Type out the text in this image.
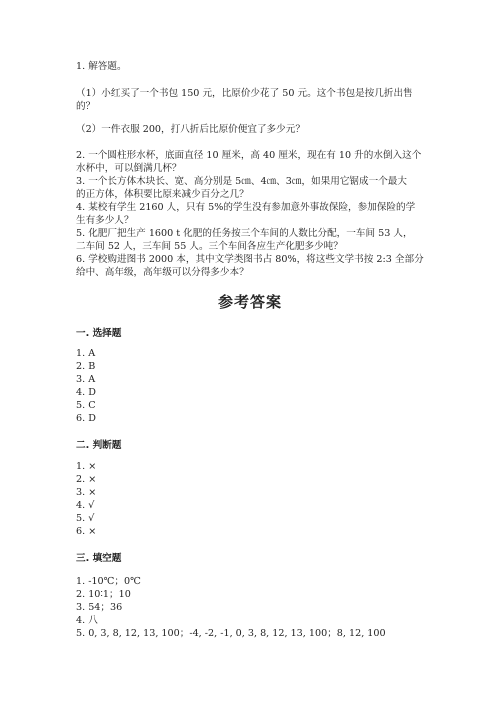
1. 解答题。
（1）小红买了一个书包 150 元，比原价少花了 50 元。这个书包是按几折出售
的？
（2）一件衣服 200，打八折后比原价便宜了多少元？
2. 一个圆柱形水杯，底面直径 10 厘米，高 40 厘米，现在有 10 升的水倒入这个
水杯中，可以倒满几杯？
3. 一个长方体木块长、宽、高分别是 5㎝、4㎝、3㎝，如果用它锯成一个最大
的正方体，体积要比原来减少百分之几？
4. 某校有学生 2160 人，只有 5%的学生没有参加意外事故保险，参加保险的学
生有多少人？
5. 化肥厂把生产 1600 t 化肥的任务按三个车间的人数比分配，一车间 53 人，
二车间 52 人，三车间 55 人。三个车间各应生产化肥多少吨？
6. 学校购进图书 2000 本，其中文学类图书占 80%，将这些文学书按 2:3 全部分
给中、高年级，高年级可以分得多少本？
参考答案
一. 选择题
1. A
2. B
3. A
4. D
5. C
6. D
二. 判断题
1. ×
2. ×
3. ×
4. √
5. √
6. ×
三. 填空题
1. -10℃；0℃
2. 10∶1；10
3. 54；36
4. 八
5. 0, 3, 8, 12, 13, 100；-4, -2, -1, 0, 3, 8, 12, 13, 100；8, 12, 100
